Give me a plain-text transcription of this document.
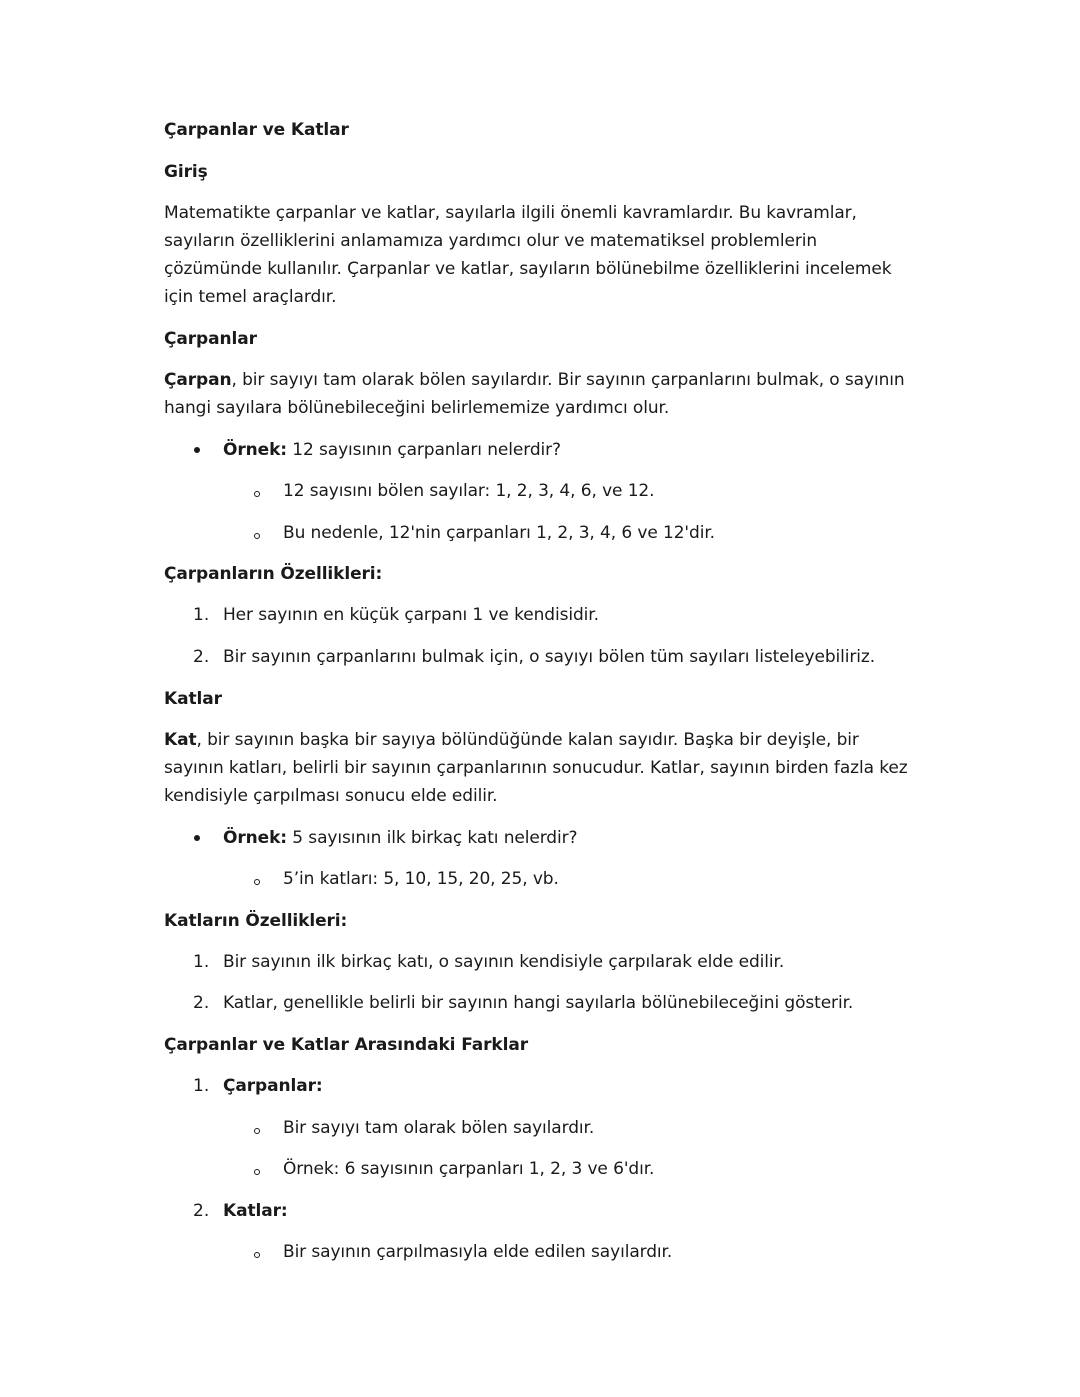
Çarpanlar ve Katlar
Giriş
Matematikte çarpanlar ve katlar, sayılarla ilgili önemli kavramlardır. Bu kavramlar,
sayıların özelliklerini anlamamıza yardımcı olur ve matematiksel problemlerin
çözümünde kullanılır. Çarpanlar ve katlar, sayıların bölünebilme özelliklerini incelemek
için temel araçlardır.
Çarpanlar
Çarpan, bir sayıyı tam olarak bölen sayılardır. Bir sayının çarpanlarını bulmak, o sayının
hangi sayılara bölünebileceğini belirlememize yardımcı olur.
Örnek: 12 sayısının çarpanları nelerdir?
12 sayısını bölen sayılar: 1, 2, 3, 4, 6, ve 12.
Bu nedenle, 12'nin çarpanları 1, 2, 3, 4, 6 ve 12'dir.
Çarpanların Özellikleri:
1. Her sayının en küçük çarpanı 1 ve kendisidir.
2. Bir sayının çarpanlarını bulmak için, o sayıyı bölen tüm sayıları listeleyebiliriz.
Katlar
Kat, bir sayının başka bir sayıya bölündüğünde kalan sayıdır. Başka bir deyişle, bir
sayının katları, belirli bir sayının çarpanlarının sonucudur. Katlar, sayının birden fazla kez
kendisiyle çarpılması sonucu elde edilir.
Örnek: 5 sayısının ilk birkaç katı nelerdir?
5’in katları: 5, 10, 15, 20, 25, vb.
Katların Özellikleri:
1. Bir sayının ilk birkaç katı, o sayının kendisiyle çarpılarak elde edilir.
2. Katlar, genellikle belirli bir sayının hangi sayılarla bölünebileceğini gösterir.
Çarpanlar ve Katlar Arasındaki Farklar
1. Çarpanlar:
Bir sayıyı tam olarak bölen sayılardır.
Örnek: 6 sayısının çarpanları 1, 2, 3 ve 6'dır.
2. Katlar:
Bir sayının çarpılmasıyla elde edilen sayılardır.
